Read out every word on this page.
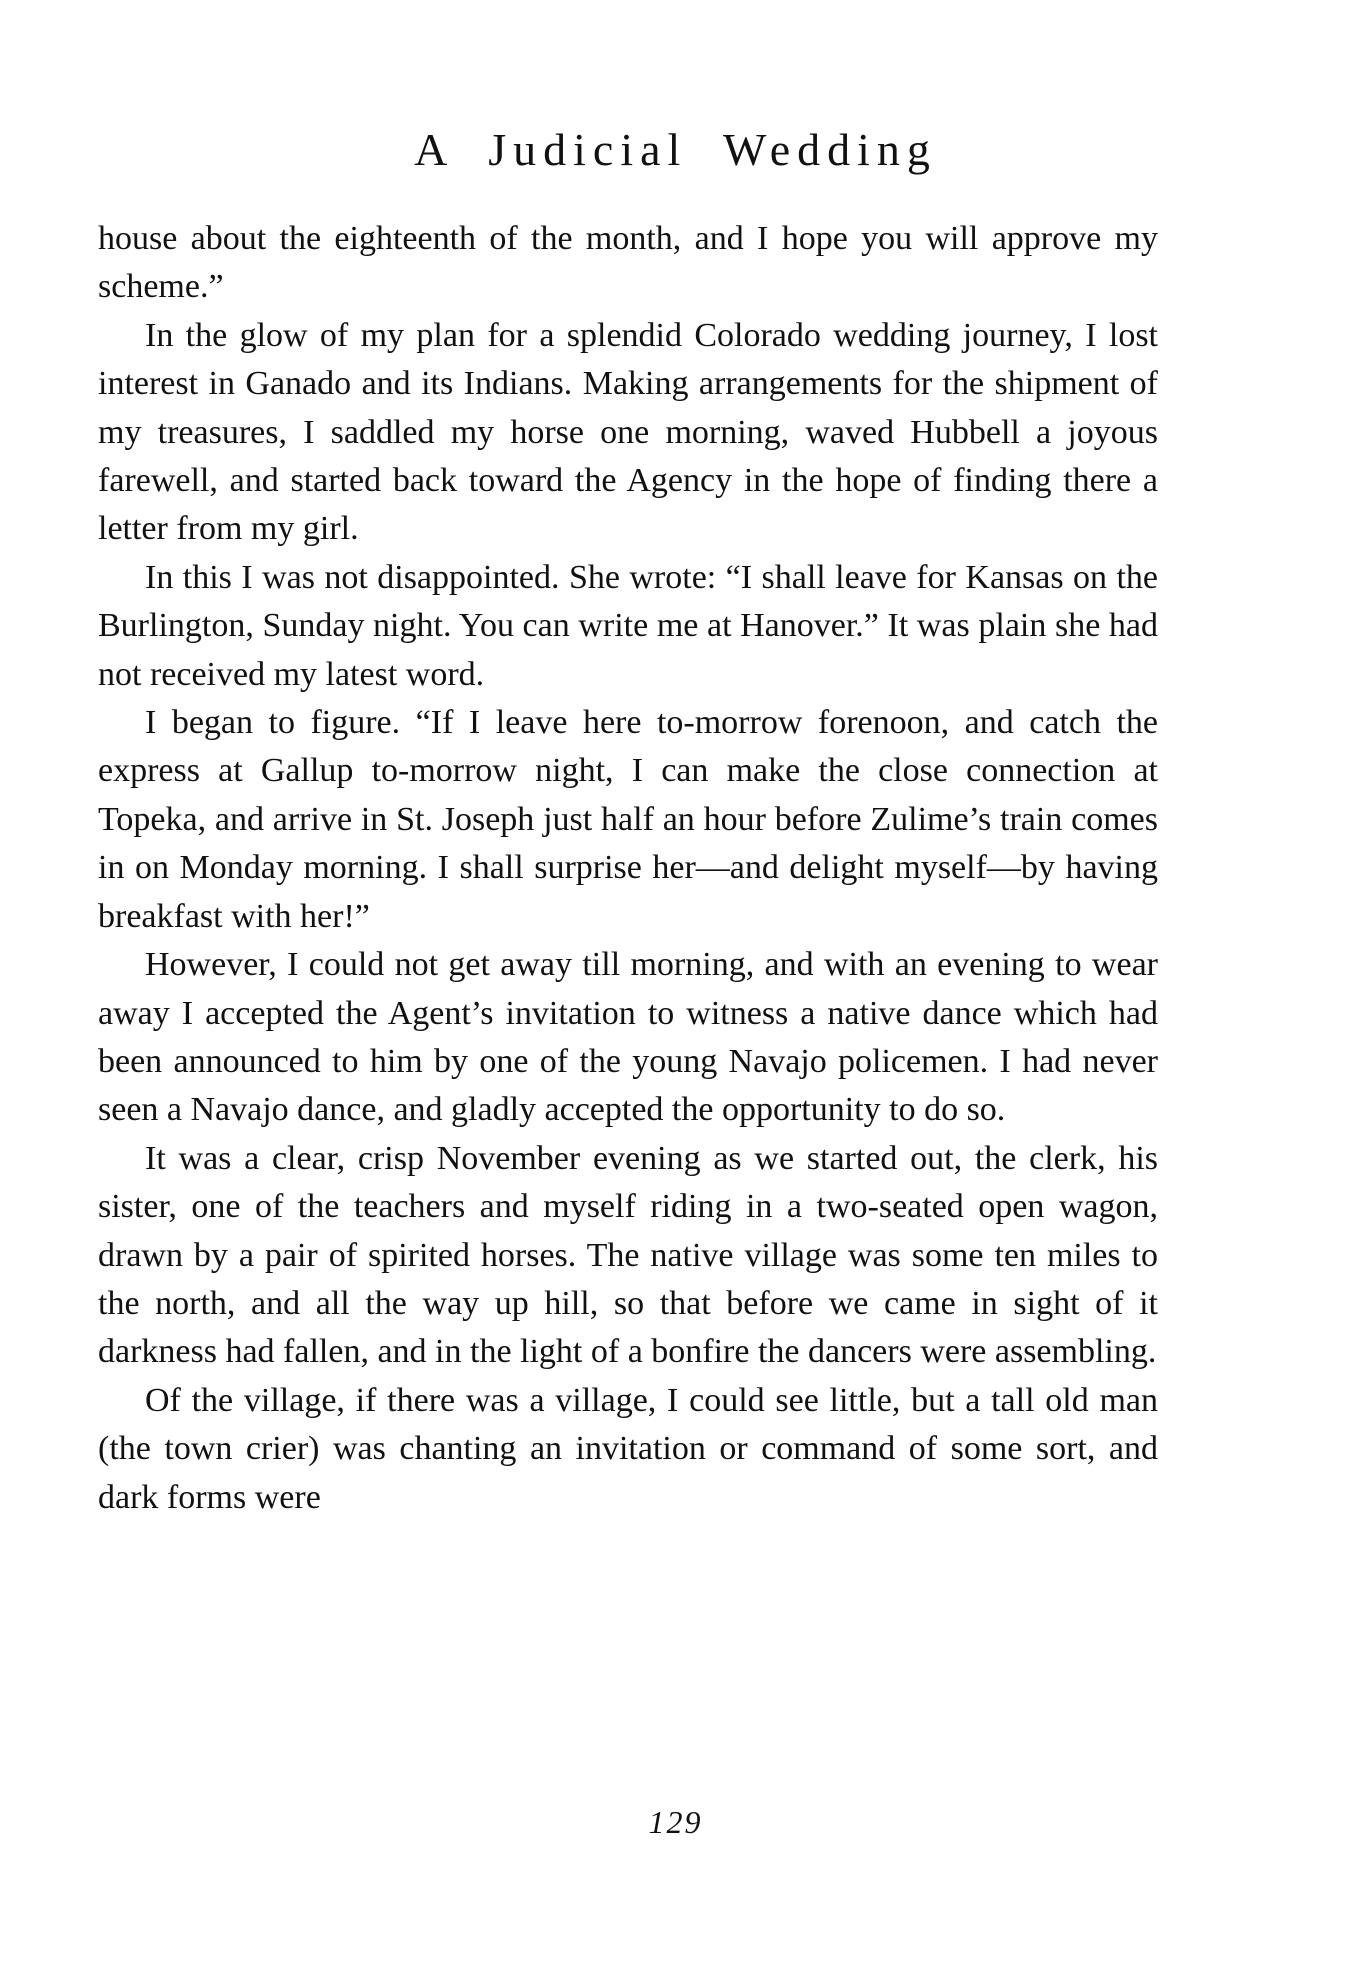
A Judicial Wedding

house about the eighteenth of the month, and I hope you will approve my scheme.”

In the glow of my plan for a splendid Colorado wedding journey, I lost interest in Ganado and its Indians. Making arrangements for the shipment of my treasures, I saddled my horse one morning, waved Hubbell a joyous farewell, and started back toward the Agency in the hope of finding there a letter from my girl.

In this I was not disappointed. She wrote: “I shall leave for Kansas on the Burlington, Sunday night. You can write me at Hanover.” It was plain she had not received my latest word.

I began to figure. “If I leave here to-morrow forenoon, and catch the express at Gallup to-morrow night, I can make the close connection at Topeka, and arrive in St. Joseph just half an hour before Zulime’s train comes in on Monday morning. I shall surprise her—and delight myself—by having breakfast with her!”

However, I could not get away till morning, and with an evening to wear away I accepted the Agent’s invitation to witness a native dance which had been announced to him by one of the young Navajo policemen. I had never seen a Navajo dance, and gladly accepted the opportunity to do so.

It was a clear, crisp November evening as we started out, the clerk, his sister, one of the teachers and myself riding in a two-seated open wagon, drawn by a pair of spirited horses. The native village was some ten miles to the north, and all the way up hill, so that before we came in sight of it darkness had fallen, and in the light of a bonfire the dancers were assembling.

Of the village, if there was a village, I could see little, but a tall old man (the town crier) was chanting an invitation or command of some sort, and dark forms were

129
